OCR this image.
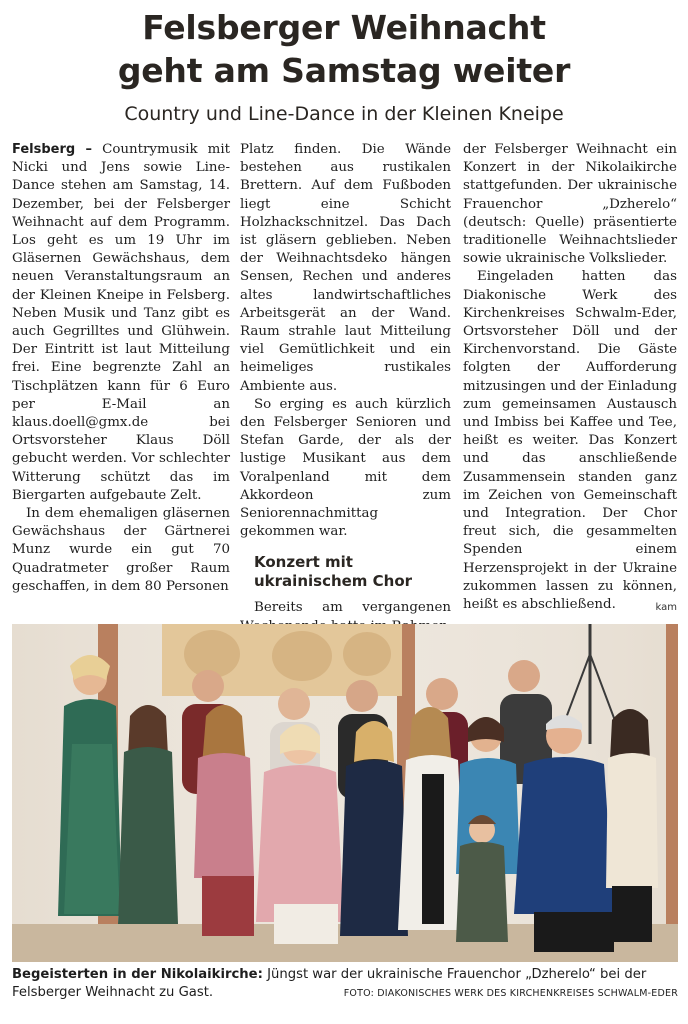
Felsberger Weihnacht
geht am Samstag weiter
Country und Line-Dance in der Kleinen Kneipe

Felsberg – Countrymusik mit Nicki und Jens sowie Line-Dance stehen am Samstag, 14. Dezember, bei der Felsberger Weihnacht auf dem Programm. Los geht es um 19 Uhr im Gläsernen Gewächshaus, dem neuen Veranstaltungsraum an der Kleinen Kneipe in Felsberg. Neben Musik und Tanz gibt es auch Gegrilltes und Glühwein. Der Eintritt ist laut Mitteilung frei. Eine begrenzte Zahl an Tischplätzen kann für 6 Euro per E-Mail an klaus.doell@gmx.de bei Ortsvorsteher Klaus Döll gebucht werden. Vor schlechter Witterung schützt das im Biergarten aufgebaute Zelt.

In dem ehemaligen gläsernen Gewächshaus der Gärtnerei Munz wurde ein gut 70 Quadratmeter großer Raum geschaffen, in dem 80 Personen

Platz finden. Die Wände bestehen aus rustikalen Brettern. Auf dem Fußboden liegt eine Schicht Holzhackschnitzel. Das Dach ist gläsern geblieben. Neben der Weihnachtsdeko hängen Sensen, Rechen und anderes altes landwirtschaftliches Arbeitsgerät an der Wand. Raum strahle laut Mitteilung viel Gemütlichkeit und ein heimeliges rustikales Ambiente aus.

So erging es auch kürzlich den Felsberger Senioren und Stefan Garde, der als der lustige Musikant aus dem Voralpenland mit dem Akkordeon zum Seniorennachmittag gekommen war.

Konzert mit
ukrainischem Chor

Bereits am vergangenen

der Felsberger Weihnacht ein Konzert in der Nikolaikirche stattgefunden. Der ukrainische Frauenchor „Dzherelo“ (deutsch: Quelle) präsentierte traditionelle Weihnachtslieder sowie ukrainische Volkslieder.

Eingeladen hatten das Diakonische Werk des Kirchenkreises Schwalm-Eder, Ortsvorsteher Döll und der Kirchenvorstand. Die Gäste folgten der Aufforderung mitzusingen und der Einladung zum gemeinsamen Austausch und Imbiss bei Kaffee und Tee, heißt es weiter. Das Konzert und das anschließende Zusammensein standen ganz im Zeichen von Gemeinschaft und Integration. Der Chor freut sich, die gesammelten Spenden einem Herzensprojekt in der Ukraine zukommen lassen zu können, heißt es abschließend.	kam

Begeisterten in der Nikolaikirche: Jüngst war der ukrainische Frauenchor „Dzherelo“ bei der Felsberger Weihnacht zu Gast.	FOTO: DIAKONISCHES WERK DES KIRCHENKREISES SCHWALM-EDER
